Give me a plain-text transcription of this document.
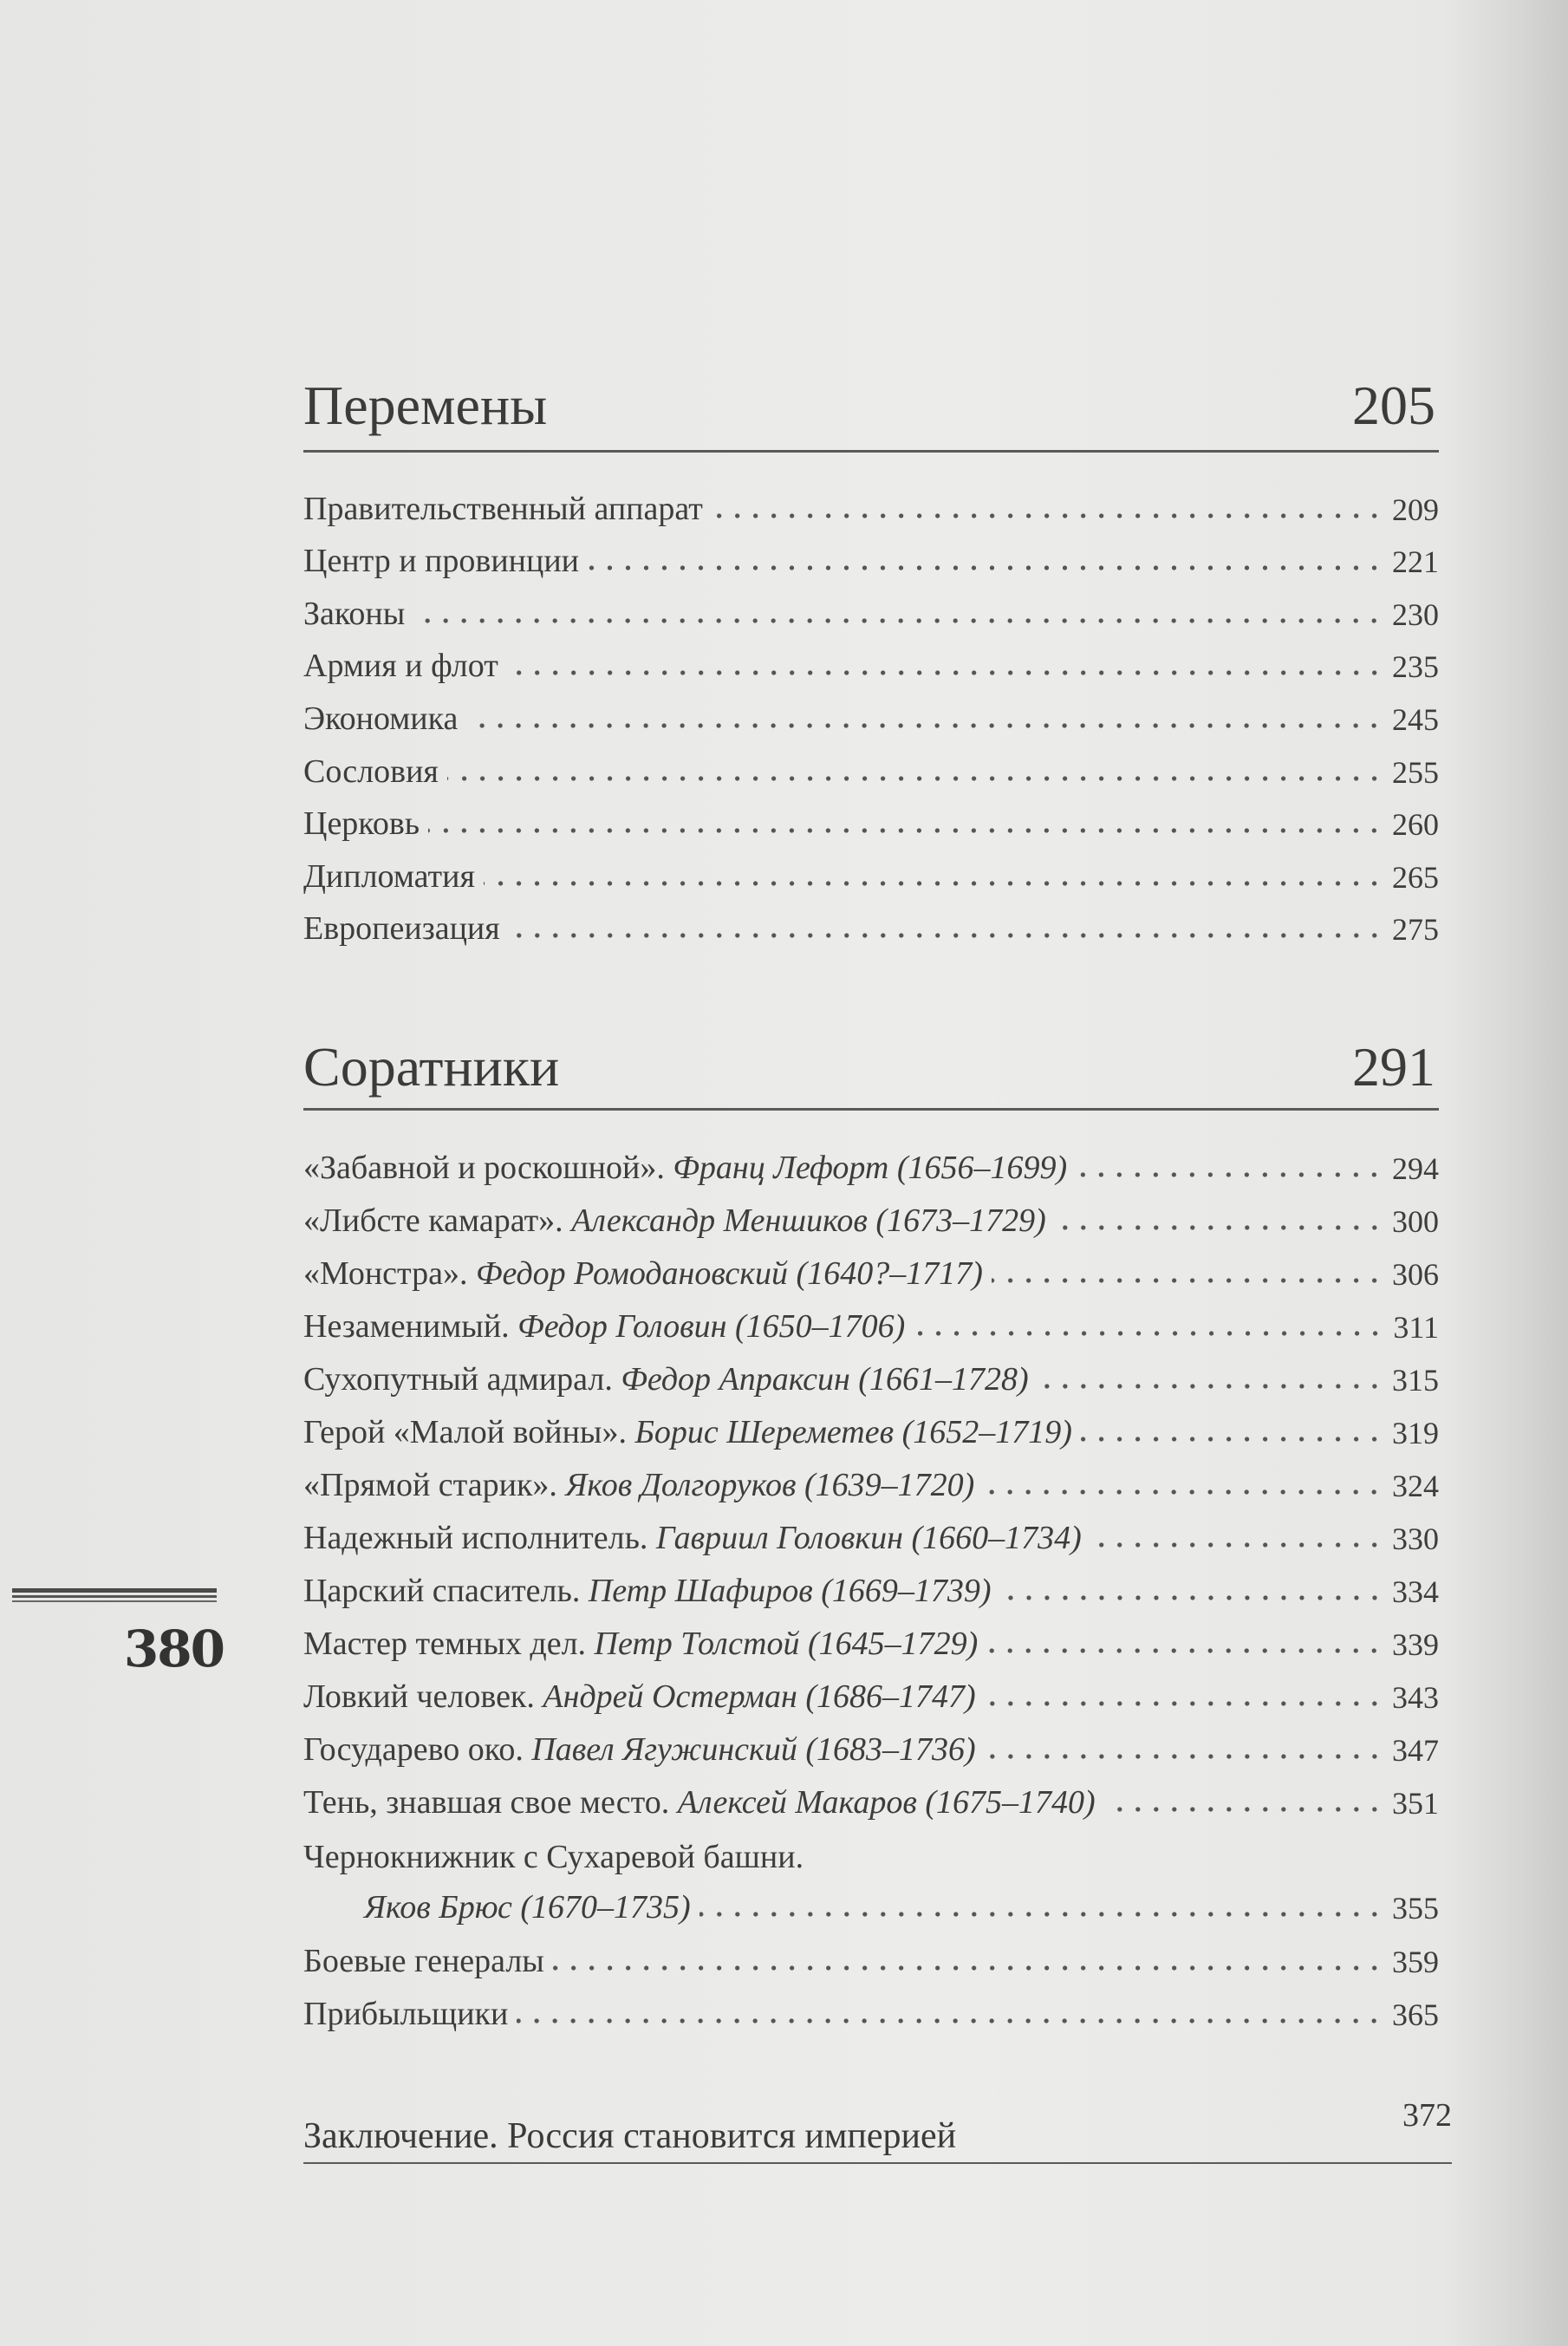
Перемены	205
Правительственный аппарат	209
Центр и провинции	221
Законы	230
Армия и флот	235
Экономика	245
Сословия	255
Церковь	260
Дипломатия	265
Европеизация	275
Соратники	291
«Забавной и роскошной». Франц Лефорт (1656–1699)	294
«Либсте камарат». Александр Меншиков (1673–1729)	300
«Монстра». Федор Ромодановский (1640?–1717)	306
Незаменимый. Федор Головин (1650–1706)	311
Сухопутный адмирал. Федор Апраксин (1661–1728)	315
Герой «Малой войны». Борис Шереметев (1652–1719)	319
«Прямой старик». Яков Долгоруков (1639–1720)	324
Надежный исполнитель. Гавриил Головкин (1660–1734)	330
Царский спаситель. Петр Шафиров (1669–1739)	334
Мастер темных дел. Петр Толстой (1645–1729)	339
Ловкий человек. Андрей Остерман (1686–1747)	343
Государево око. Павел Ягужинский (1683–1736)	347
Тень, знавшая свое место. Алексей Макаров (1675–1740)	351
Чернокнижник с Сухаревой башни.
Яков Брюс (1670–1735)	355
Боевые генералы	359
Прибыльщики	365
Заключение. Россия становится империей
372
380
